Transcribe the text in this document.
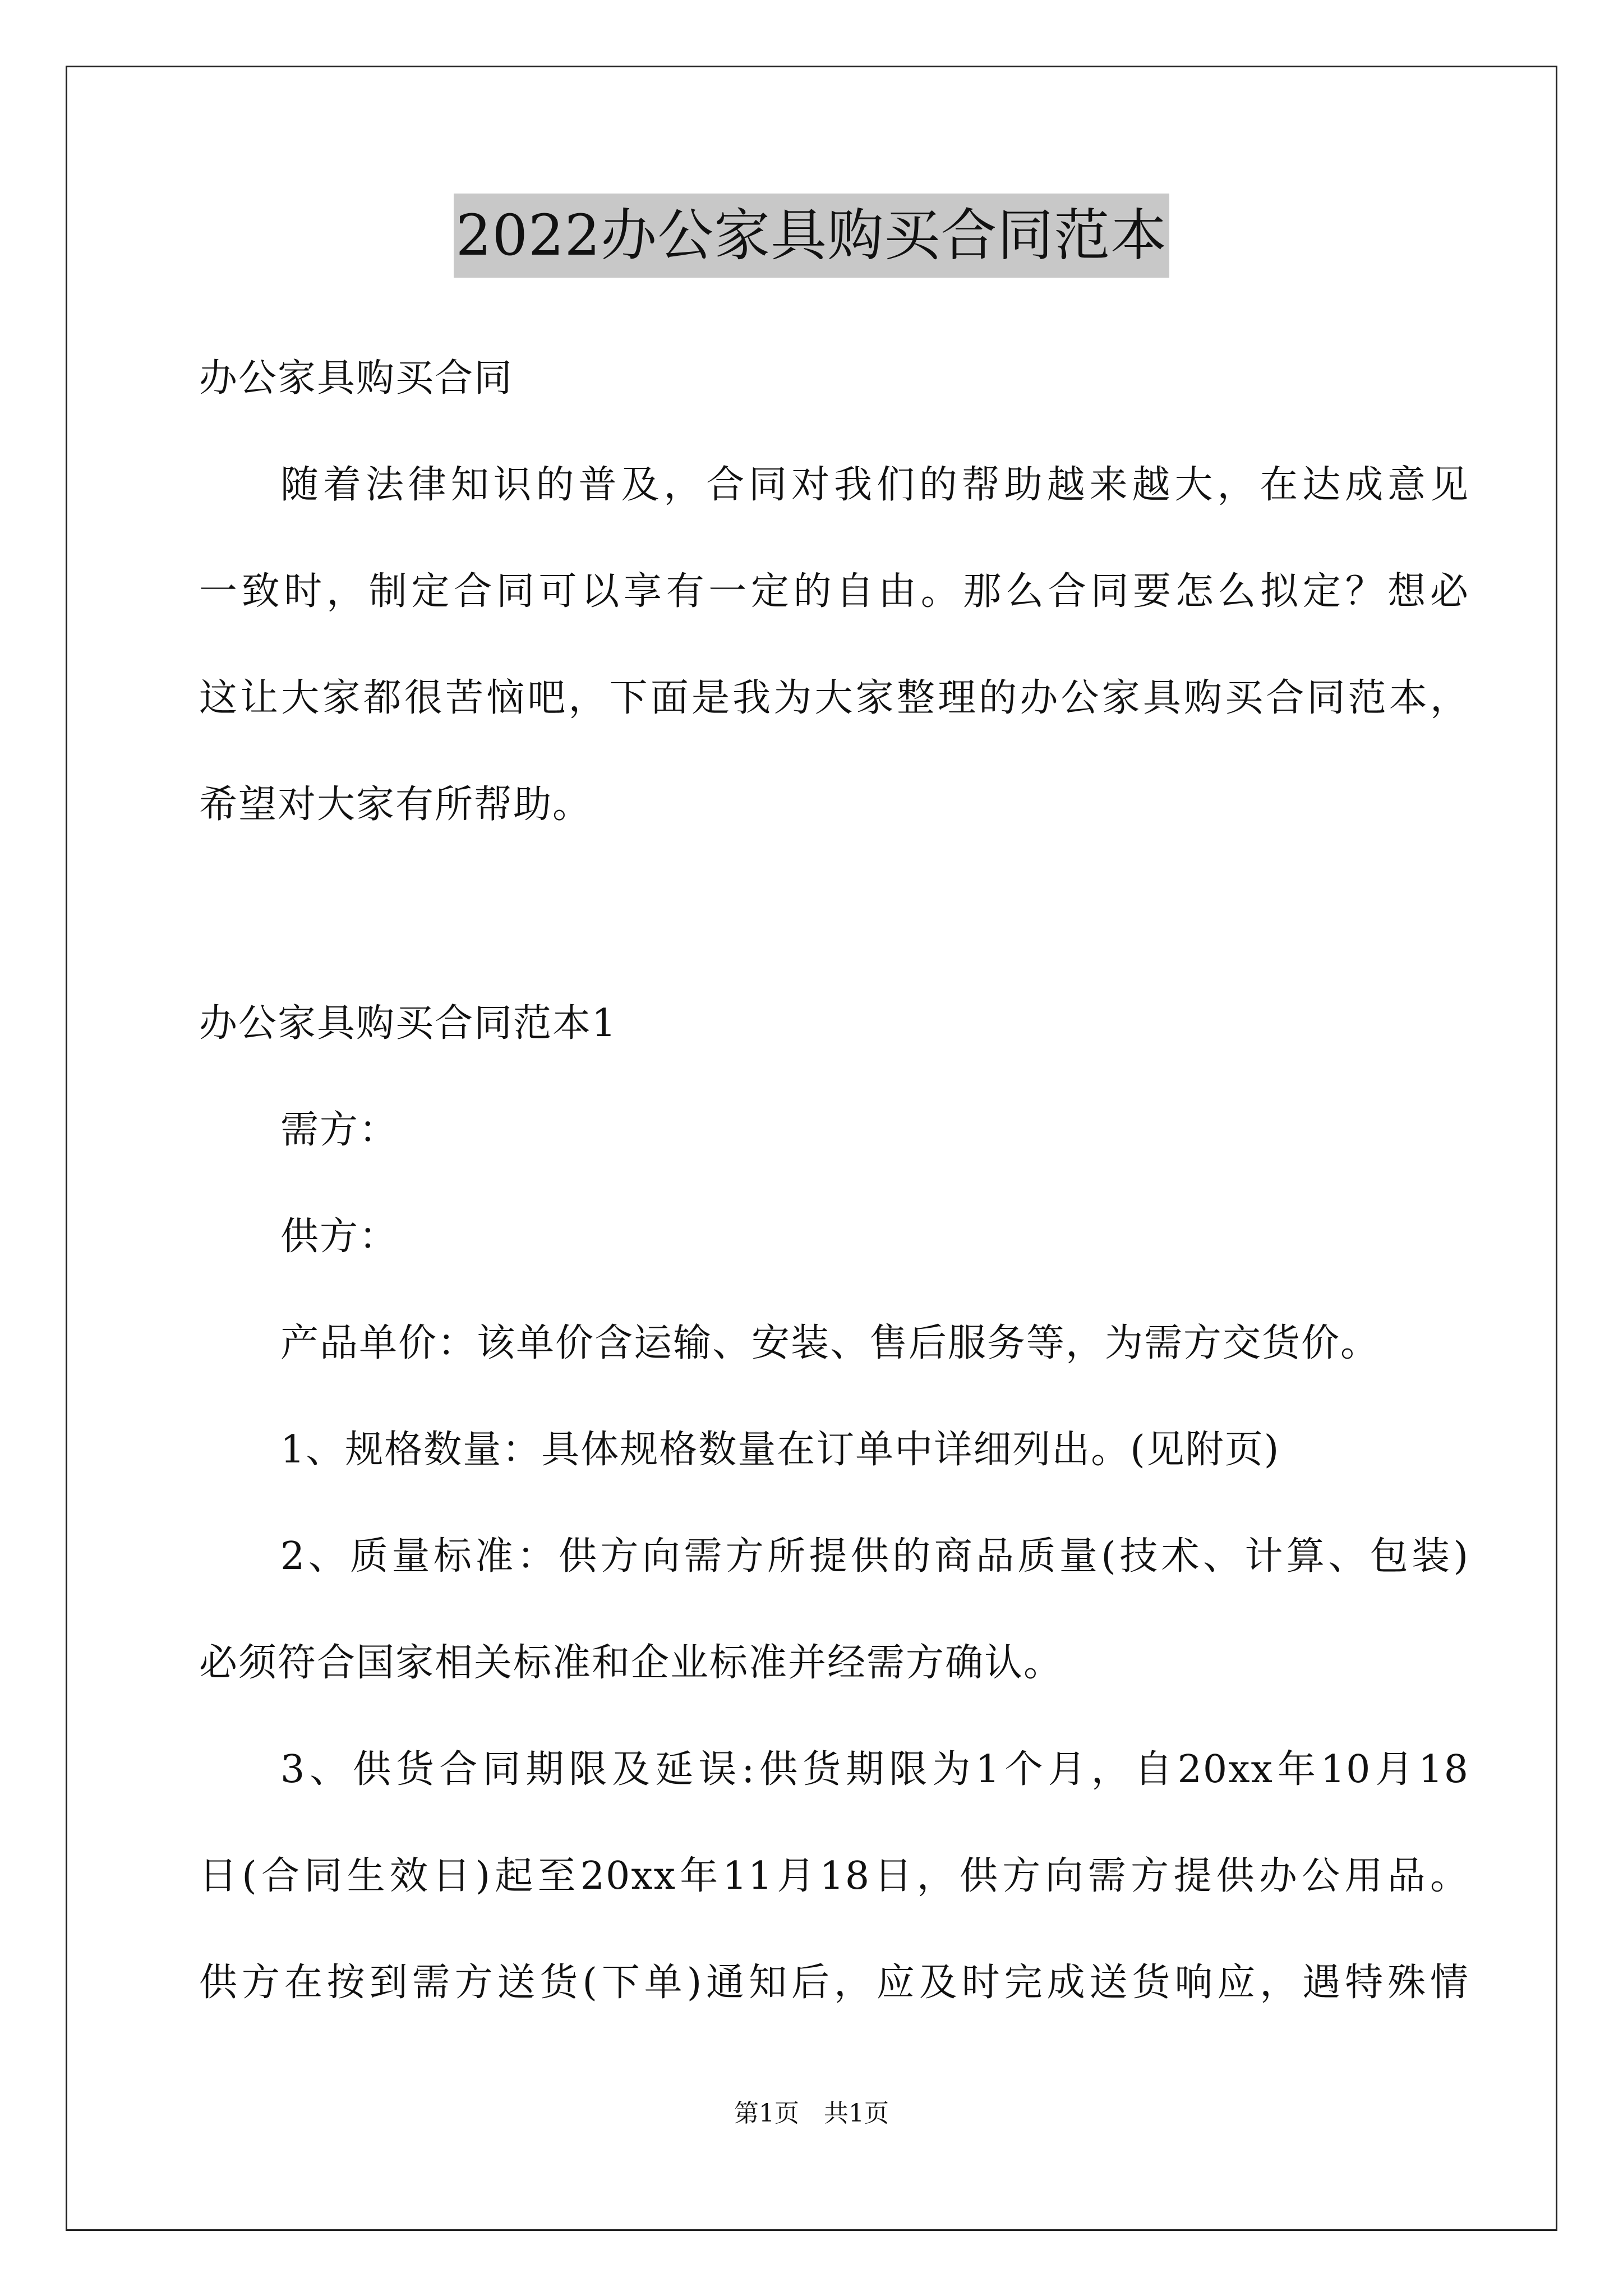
2022办公家具购买合同范本
办公家具购买合同
随着法律知识的普及，合同对我们的帮助越来越大，在达成意见
一致时，制定合同可以享有一定的自由。那么合同要怎么拟定？想必
这让大家都很苦恼吧，下面是我为大家整理的办公家具购买合同范本，
希望对大家有所帮助。
办公家具购买合同范本1
需方：
供方：
产品单价：该单价含运输、安装、售后服务等，为需方交货价。
1、规格数量：具体规格数量在订单中详细列出。(见附页)
2、质量标准：供方向需方所提供的商品质量(技术、计算、包装)
必须符合国家相关标准和企业标准并经需方确认。
3、供货合同期限及延误:供货期限为1个月，自20xx年10月18
日(合同生效日)起至20xx年11月18日，供方向需方提供办公用品。
供方在按到需方送货(下单)通知后，应及时完成送货响应，遇特殊情
第1页　共1页
